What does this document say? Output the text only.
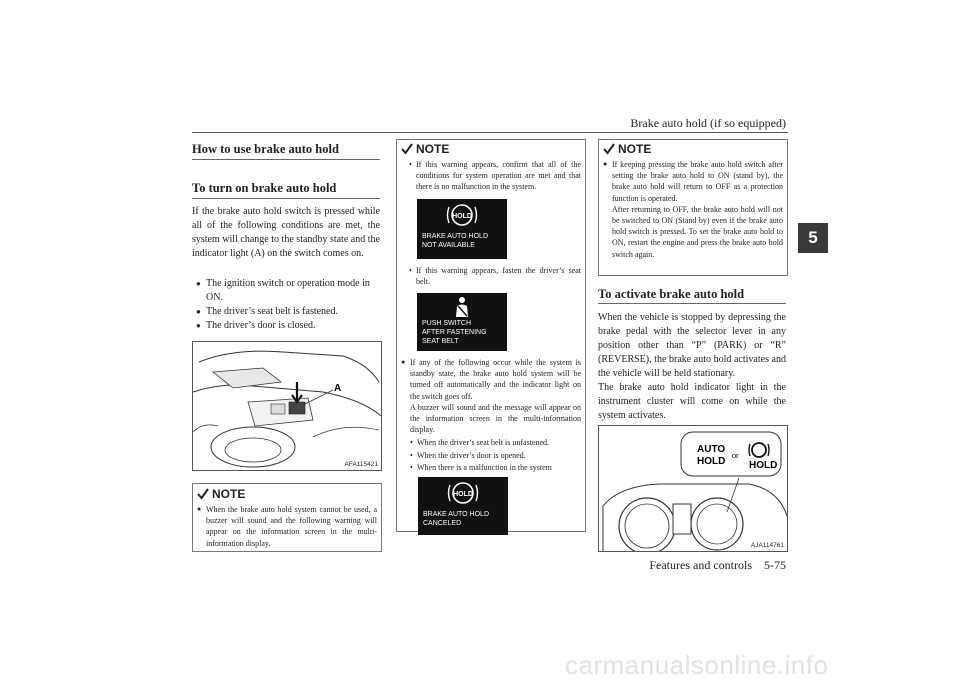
Brake auto hold (if so equipped)
5
How to use brake auto hold
To turn on brake auto hold
If the brake auto hold switch is pressed while all of the following conditions are met, the system will change to the standby state and the indicator light (A) on the switch comes on.
● The ignition switch or operation mode in ON.
● The driver’s seat belt is fastened.
● The driver’s door is closed.
A
AFA115421
NOTE
● When the brake auto hold system cannot be used, a buzzer will sound and the following warning will appear on the information screen in the multi-information display.
NOTE

• If this warning appears, confirm that all of the conditions for system operation are met and that there is no malfunction in the system.

HOLD
BRAKE AUTO HOLD
NOT AVAILABLE

• If this warning appears, fasten the driver’s seat belt.

PUSH SWITCH
AFTER FASTENING
SEAT BELT
● If any of the following occur while the system is standby state, the brake auto hold system will be turned off automatically and the indicator light on the switch goes off.
A buzzer will sound and the message will appear on the information screen in the multi-information display.

• When the driver’s seat belt is unfastened.

• When the driver’s door is opened.

• When there is a malfunction in the system

HOLD
BRAKE AUTO HOLD
CANCELED
NOTE
● If keeping pressing the brake auto hold switch after setting the brake auto hold to ON (stand by), the brake auto hold will return to OFF as a protection function is operated.
After returning to OFF, the brake auto hold will not be switched to ON (Stand by) even if the brake auto hold switch is pressed. To set the brake auto hold to ON, restart the engine and press the brake auto hold switch again.
To activate brake auto hold
When the vehicle is stopped by depressing the brake pedal with the selector lever in any position other than “P” (PARK) or “R” (REVERSE), the brake auto hold activates and the vehicle will be held stationary.
The brake auto hold indicator light in the instrument cluster will come on while the system activates.
AUTO
HOLD
or
HOLD
AJA114761
Features and controls 5-75
carmanualsonline.info
